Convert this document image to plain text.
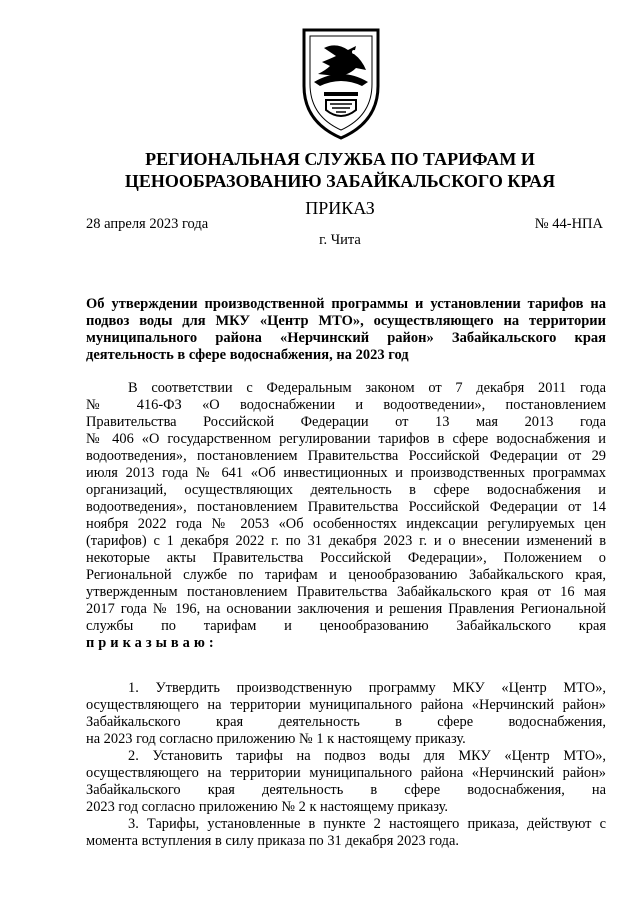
РЕГИОНАЛЬНАЯ СЛУЖБА ПО ТАРИФАМ И

ЦЕНООБРАЗОВАНИЮ ЗАБАЙКАЛЬСКОГО КРАЯ

ПРИКАЗ

28 апреля 2023 года	№ 44-НПА
г. Чита
Об утверждении производственной программы и установлении тарифов на
подвоз воды для МКУ «Центр МТО», осуществляющего на территории
муниципального района «Нерчинский район» Забайкальского края
деятельность в сфере водоснабжения, на 2023 год
В соответствии с Федеральным законом от 7 декабря 2011 года
№ 416-ФЗ «О водоснабжении и водоотведении», постановлением
Правительства Российской Федерации от 13 мая 2013 года
№ 406 «О государственном регулировании тарифов в сфере водоснабжения и
водоотведения», постановлением Правительства Российской Федерации от 29
июля 2013 года № 641 «Об инвестиционных и производственных программах
организаций, осуществляющих деятельность в сфере водоснабжения и
водоотведения», постановлением Правительства Российской Федерации от 14
ноября 2022 года № 2053 «Об особенностях индексации регулируемых цен
(тарифов) с 1 декабря 2022 г. по 31 декабря 2023 г. и о внесении изменений в
некоторые акты Правительства Российской Федерации», Положением о
Региональной службе по тарифам и ценообразованию Забайкальского края,
утвержденным постановлением Правительства Забайкальского края от 16 мая
2017 года № 196, на основании заключения и решения Правления Региональной
службы по тарифам и ценообразованию Забайкальского края
приказываю:
1. Утвердить производственную программу МКУ «Центр МТО»,
осуществляющего на территории муниципального района «Нерчинский район»
Забайкальского края деятельность в сфере водоснабжения,
на 2023 год согласно приложению № 1 к настоящему приказу.
2. Установить тарифы на подвоз воды для МКУ «Центр МТО»,
осуществляющего на территории муниципального района «Нерчинский район»
Забайкальского края деятельность в сфере водоснабжения, на
2023 год согласно приложению № 2 к настоящему приказу.
3. Тарифы, установленные в пункте 2 настоящего приказа, действуют с
момента вступления в силу приказа по 31 декабря 2023 года.
